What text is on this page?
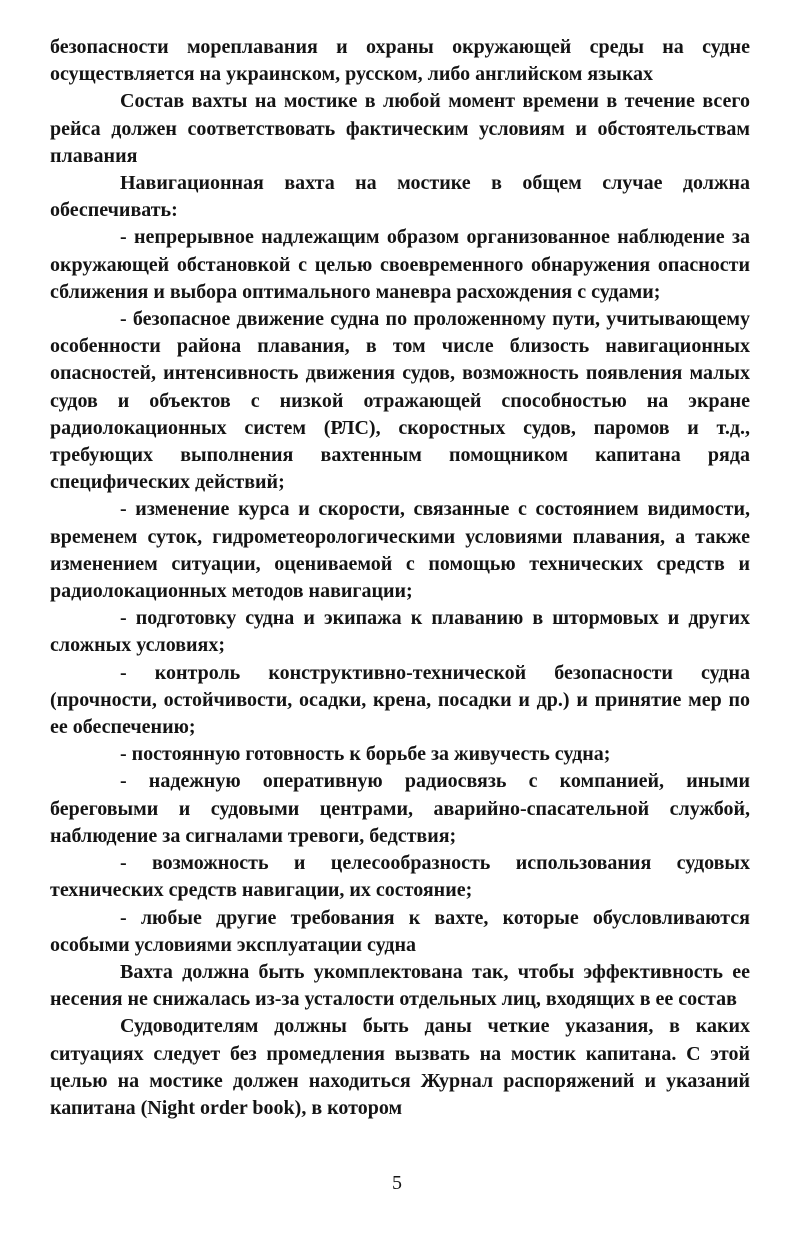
безопасности мореплавания и охраны окружающей среды на судне осуществляется на украинском, русском, либо английском языках

Состав вахты на мостике в любой момент времени в течение всего рейса должен соответствовать фактическим условиям и обстоятельствам плавания

Навигационная вахта на мостике в общем случае должна обеспечивать:

- непрерывное надлежащим образом организованное наблюдение за окружающей обстановкой с целью своевременного обнаружения опасности сближения и выбора оптимального маневра расхождения с судами;

- безопасное движение судна по проложенному пути, учитывающему особенности района плавания, в том числе близость навигационных опасностей, интенсивность движения судов, возможность появления малых судов и объектов с низкой отражающей способностью на экране радиолокационных систем (РЛС), скоростных судов, паромов и т.д., требующих выполнения вахтенным помощником капитана ряда специфических действий;

- изменение курса и скорости, связанные с состоянием видимости, временем суток, гидрометеорологическими условиями плавания, а также изменением ситуации, оцениваемой с помощью технических средств и радиолокационных методов навигации;

- подготовку судна и экипажа к плаванию в штормовых и других сложных условиях;

- контроль конструктивно-технической безопасности судна (прочности, остойчивости, осадки, крена, посадки и др.) и принятие мер по ее обеспечению;

- постоянную готовность к борьбе за живучесть судна;

- надежную оперативную радиосвязь с компанией, иными береговыми и судовыми центрами, аварийно-спасательной службой, наблюдение за сигналами тревоги, бедствия;

- возможность и целесообразность использования судовых технических средств навигации, их состояние;

- любые другие требования к вахте, которые обусловливаются особыми условиями эксплуатации судна

Вахта должна быть укомплектована так, чтобы эффективность ее несения не снижалась из-за усталости отдельных лиц, входящих в ее состав

Судоводителям должны быть даны четкие указания, в каких ситуациях следует без промедления вызвать на мостик капитана. С этой целью на мостике должен находиться Журнал распоряжений и указаний капитана (Night order book), в котором

5
